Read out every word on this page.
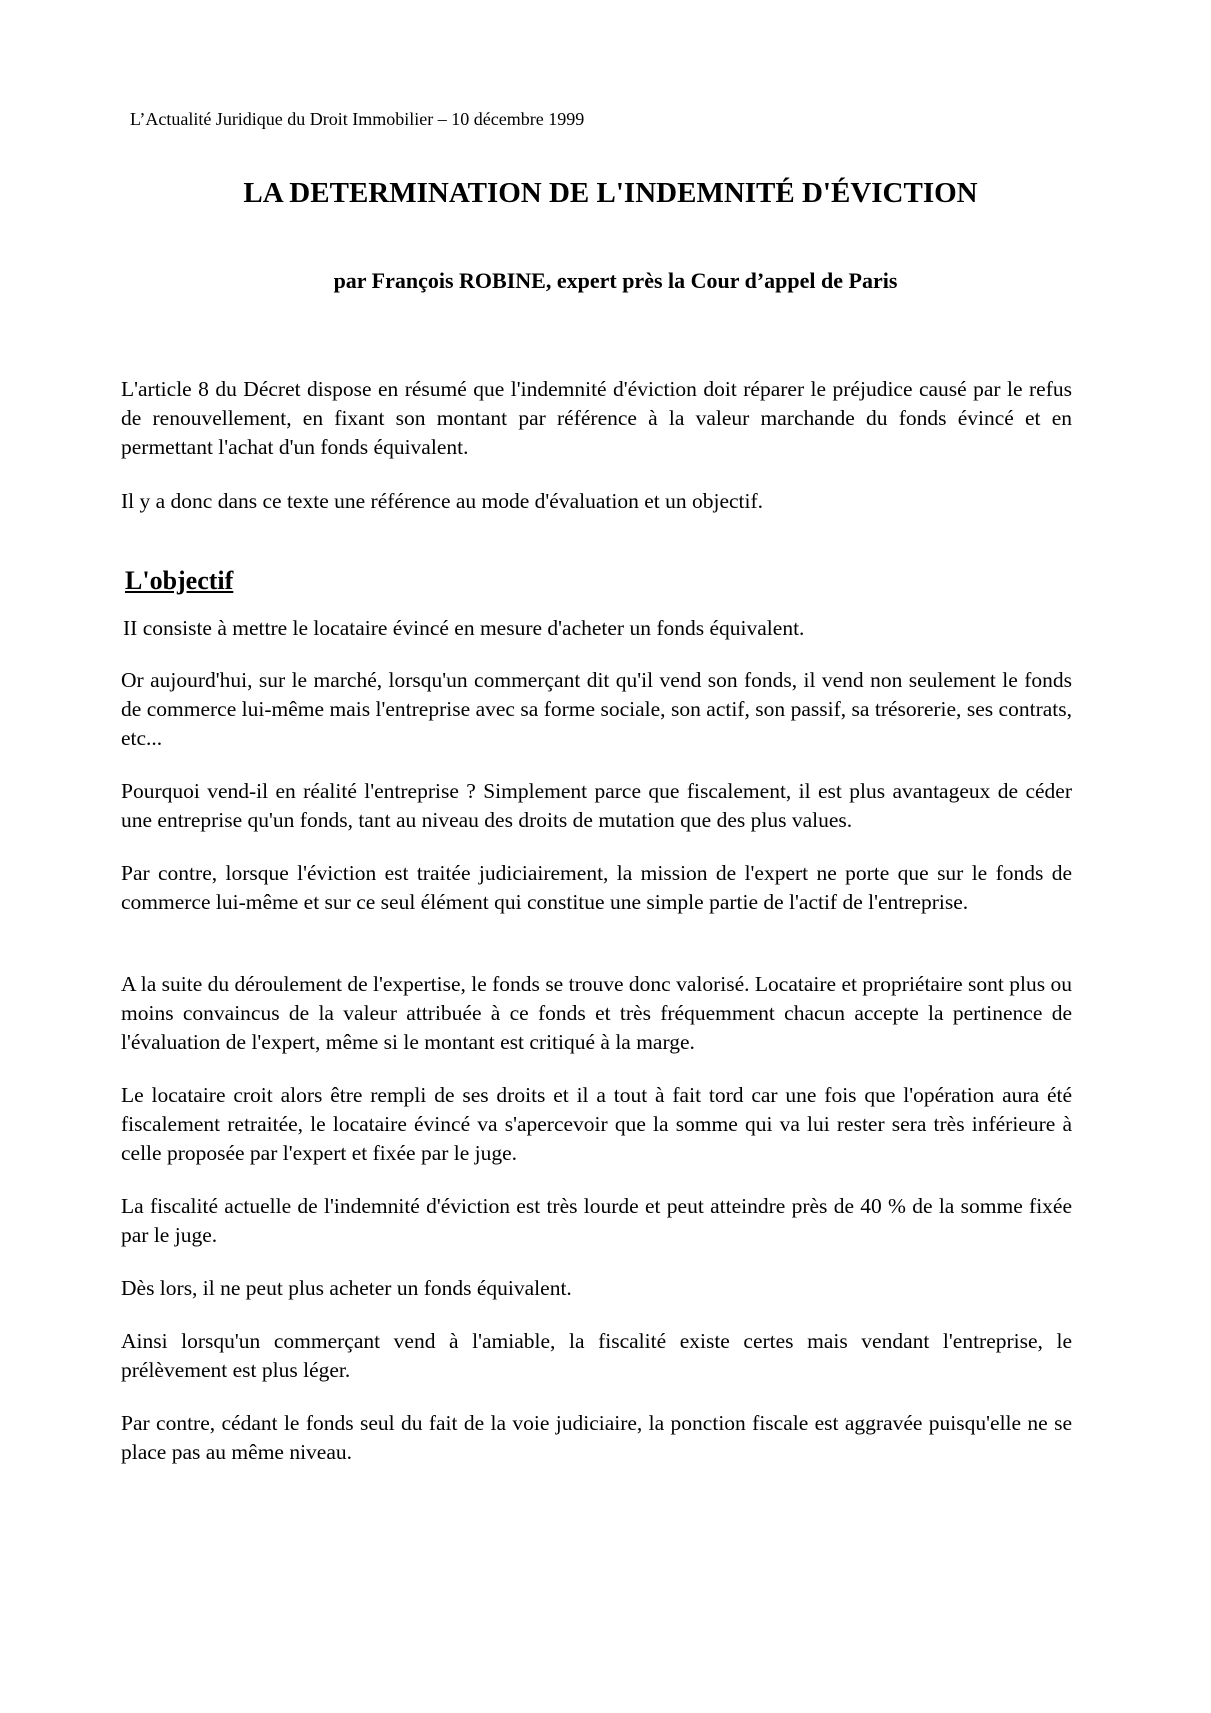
L’Actualité Juridique du Droit Immobilier – 10 décembre 1999
LA DETERMINATION DE L'INDEMNITÉ D'ÉVICTION
par François ROBINE, expert près la Cour d’appel de Paris

L'article 8 du Décret dispose en résumé que l'indemnité d'éviction doit réparer le préjudice causé par le refus de renouvellement, en fixant son montant par référence à la valeur marchande du fonds évincé et en permettant l'achat d'un fonds équivalent.

Il y a donc dans ce texte une référence au mode d'évaluation et un objectif.

L'objectif

II consiste à mettre le locataire évincé en mesure d'acheter un fonds équivalent.

Or aujourd'hui, sur le marché, lorsqu'un commerçant dit qu'il vend son fonds, il vend non seulement le fonds de commerce lui-même mais l'entreprise avec sa forme sociale, son actif, son passif, sa trésorerie, ses contrats, etc...

Pourquoi vend-il en réalité l'entreprise ? Simplement parce que fiscalement, il est plus avantageux de céder une entreprise qu'un fonds, tant au niveau des droits de mutation que des plus values.

Par contre, lorsque l'éviction est traitée judiciairement, la mission de l'expert ne porte que sur le fonds de commerce lui-même et sur ce seul élément qui constitue une simple partie de l'actif de l'entreprise.

A la suite du déroulement de l'expertise, le fonds se trouve donc valorisé. Locataire et propriétaire sont plus ou moins convaincus de la valeur attribuée à ce fonds et très fréquemment chacun accepte la pertinence de l'évaluation de l'expert, même si le montant est critiqué à la marge.

Le locataire croit alors être rempli de ses droits et il a tout à fait tord car une fois que l'opération aura été fiscalement retraitée, le locataire évincé va s'apercevoir que la somme qui va lui rester sera très inférieure à celle proposée par l'expert et fixée par le juge.

La fiscalité actuelle de l'indemnité d'éviction est très lourde et peut atteindre près de 40 % de la somme fixée par le juge.

Dès lors, il ne peut plus acheter un fonds équivalent.

Ainsi lorsqu'un commerçant vend à l'amiable, la fiscalité existe certes mais vendant l'entreprise, le prélèvement est plus léger.

Par contre, cédant le fonds seul du fait de la voie judiciaire, la ponction fiscale est aggravée puisqu'elle ne se place pas au même niveau.
